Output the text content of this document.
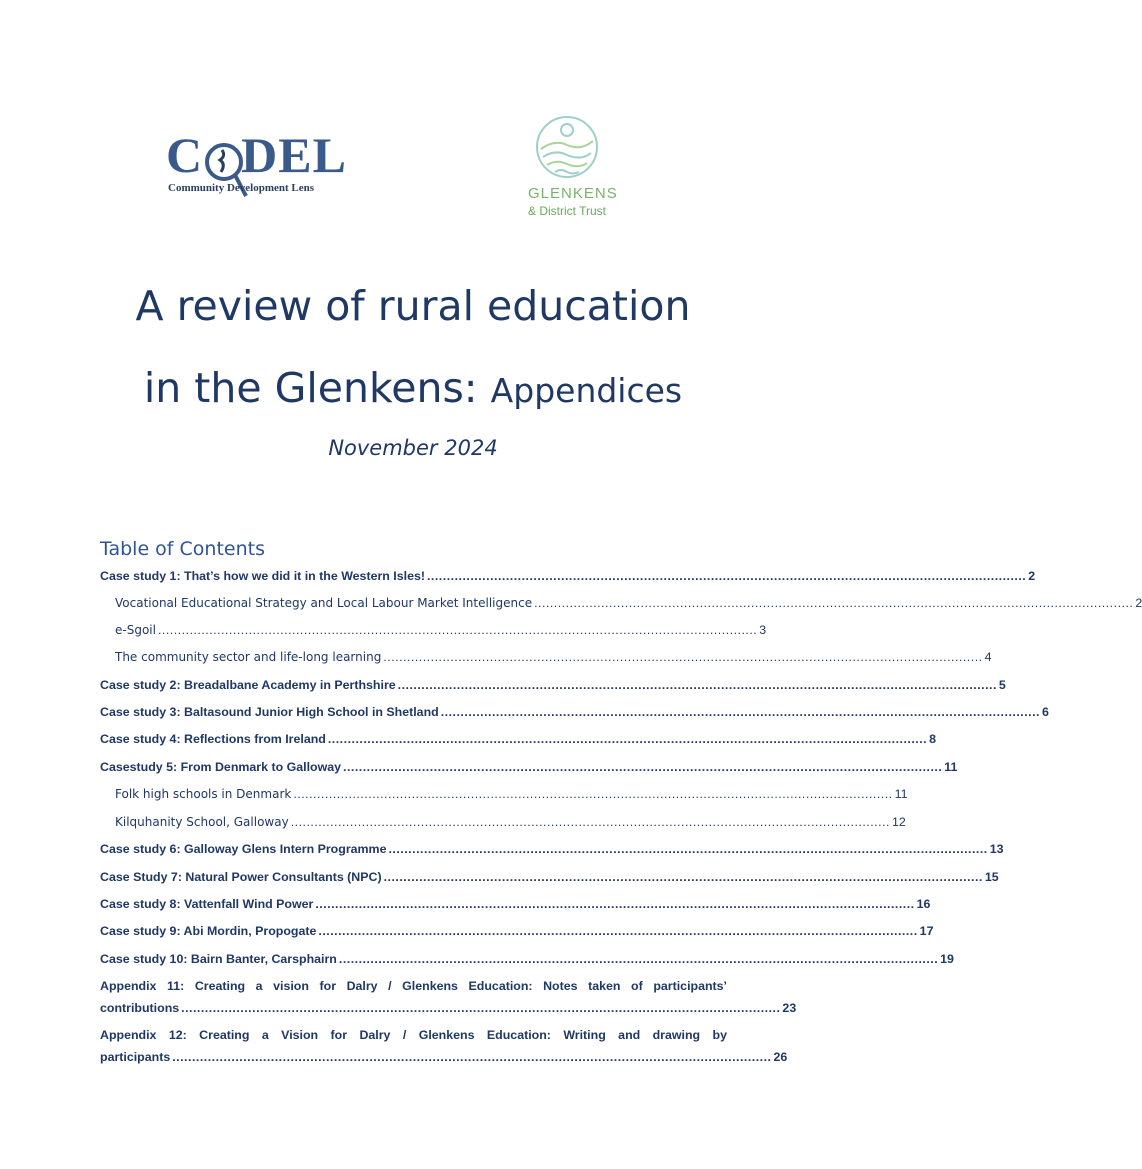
C DEL
Community Development Lens	GLENKENS
& District Trust
A review of rural education
in the Glenkens: Appendices
November 2024
Table of Contents
Case study 1: That’s how we did it in the Western Isles! ........................................................................................................................................................ 2
Vocational Educational Strategy and Local Labour Market Intelligence ........................................................................................................................................................ 2
e-Sgoil ........................................................................................................................................................ 3
The community sector and life-long learning ........................................................................................................................................................ 4
Case study 2: Breadalbane Academy in Perthshire ........................................................................................................................................................ 5
Case study 3: Baltasound Junior High School in Shetland ........................................................................................................................................................ 6
Case study 4: Reflections from Ireland ........................................................................................................................................................ 8
Casestudy 5: From Denmark to Galloway ........................................................................................................................................................ 11
Folk high schools in Denmark ........................................................................................................................................................ 11
Kilquhanity School, Galloway ........................................................................................................................................................ 12
Case study 6: Galloway Glens Intern Programme ........................................................................................................................................................ 13
Case Study 7: Natural Power Consultants (NPC) ........................................................................................................................................................ 15
Case study 8: Vattenfall Wind Power ........................................................................................................................................................ 16
Case study 9: Abi Mordin, Propogate ........................................................................................................................................................ 17
Case study 10: Bairn Banter, Carsphairn ........................................................................................................................................................ 19
Appendix 11: Creating a vision for Dalry / Glenkens Education: Notes taken of participants’
contributions ........................................................................................................................................................ 23
Appendix 12: Creating a Vision for Dalry / Glenkens Education: Writing and drawing by
participants ........................................................................................................................................................ 26
